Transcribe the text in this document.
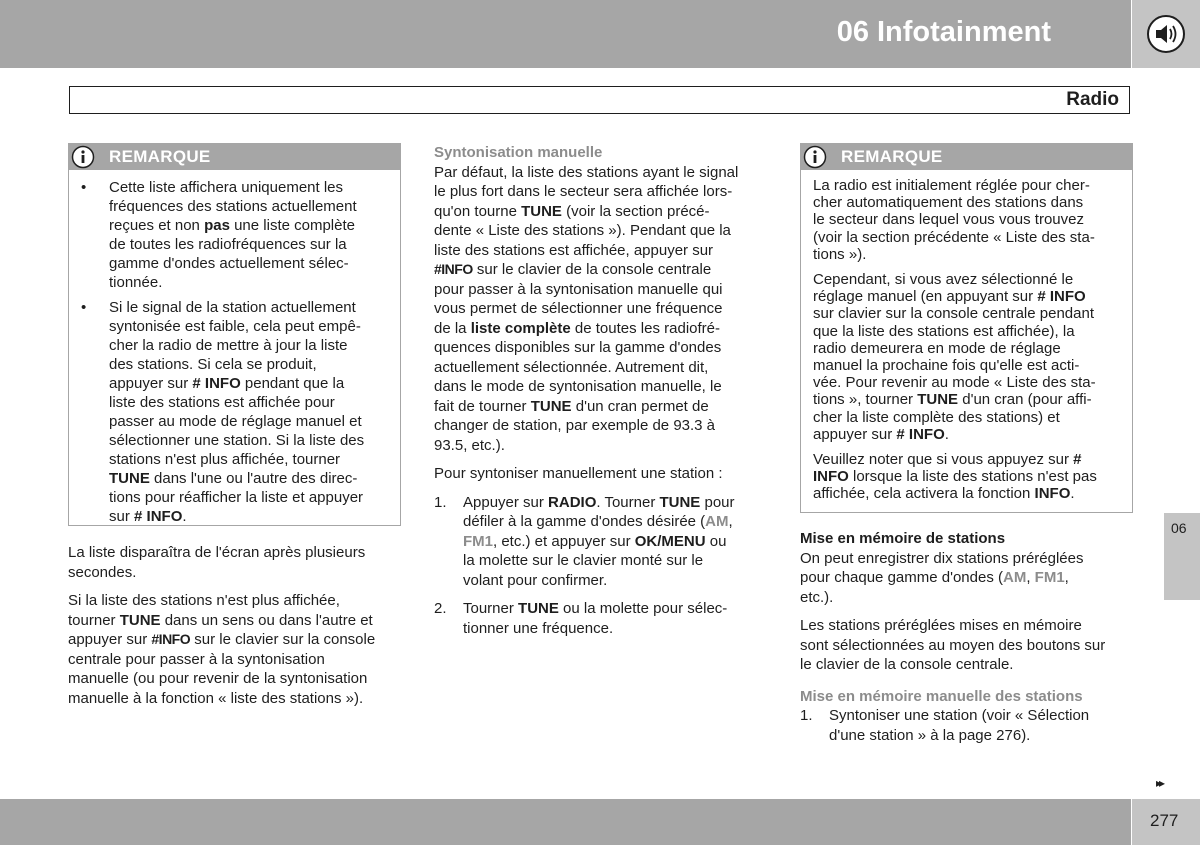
06 Infotainment
Radio
REMARQUE
• Cette liste affichera uniquement les
fréquences des stations actuellement
reçues et non pas une liste complète
de toutes les radiofréquences sur la
gamme d'ondes actuellement sélec-
tionnée.
• Si le signal de la station actuellement
syntonisée est faible, cela peut empê-
cher la radio de mettre à jour la liste
des stations. Si cela se produit,
appuyer sur # INFO pendant que la
liste des stations est affichée pour
passer au mode de réglage manuel et
sélectionner une station. Si la liste des
stations n'est plus affichée, tourner
TUNE dans l'une ou l'autre des direc-
tions pour réafficher la liste et appuyer
sur # INFO.

La liste disparaîtra de l'écran après plusieurs
secondes.

Si la liste des stations n'est plus affichée,
tourner TUNE dans un sens ou dans l'autre et
appuyer sur #INFO sur le clavier sur la console
centrale pour passer à la syntonisation
manuelle (ou pour revenir de la syntonisation
manuelle à la fonction « liste des stations »).

Syntonisation manuelle

Par défaut, la liste des stations ayant le signal
le plus fort dans le secteur sera affichée lors-
qu'on tourne TUNE (voir la section précé-
dente « Liste des stations »). Pendant que la
liste des stations est affichée, appuyer sur
#INFO sur le clavier de la console centrale
pour passer à la syntonisation manuelle qui
vous permet de sélectionner une fréquence
de la liste complète de toutes les radiofré-
quences disponibles sur la gamme d'ondes
actuellement sélectionnée. Autrement dit,
dans le mode de syntonisation manuelle, le
fait de tourner TUNE d'un cran permet de
changer de station, par exemple de 93.3 à
93.5, etc.).

Pour syntoniser manuellement une station :

1. Appuyer sur RADIO. Tourner TUNE pour
défiler à la gamme d'ondes désirée (AM,
FM1, etc.) et appuyer sur OK/MENU ou
la molette sur le clavier monté sur le
volant pour confirmer.
2. Tourner TUNE ou la molette pour sélec-
tionner une fréquence.
REMARQUE

La radio est initialement réglée pour cher-
cher automatiquement des stations dans
le secteur dans lequel vous vous trouvez
(voir la section précédente « Liste des sta-
tions »).

Cependant, si vous avez sélectionné le
réglage manuel (en appuyant sur # INFO
sur clavier sur la console centrale pendant
que la liste des stations est affichée), la
radio demeurera en mode de réglage
manuel la prochaine fois qu'elle est acti-
vée. Pour revenir au mode « Liste des sta-
tions », tourner TUNE d'un cran (pour affi-
cher la liste complète des stations) et
appuyer sur # INFO.

Veuillez noter que si vous appuyez sur #
INFO lorsque la liste des stations n'est pas
affichée, cela activera la fonction INFO.

Mise en mémoire de stations

On peut enregistrer dix stations préréglées
pour chaque gamme d'ondes (AM, FM1,
etc.).

Les stations préréglées mises en mémoire
sont sélectionnées au moyen des boutons sur
le clavier de la console centrale.

Mise en mémoire manuelle des stations
1. Syntoniser une station (voir « Sélection
d'une station » à la page 276).
06
▸▸
277
